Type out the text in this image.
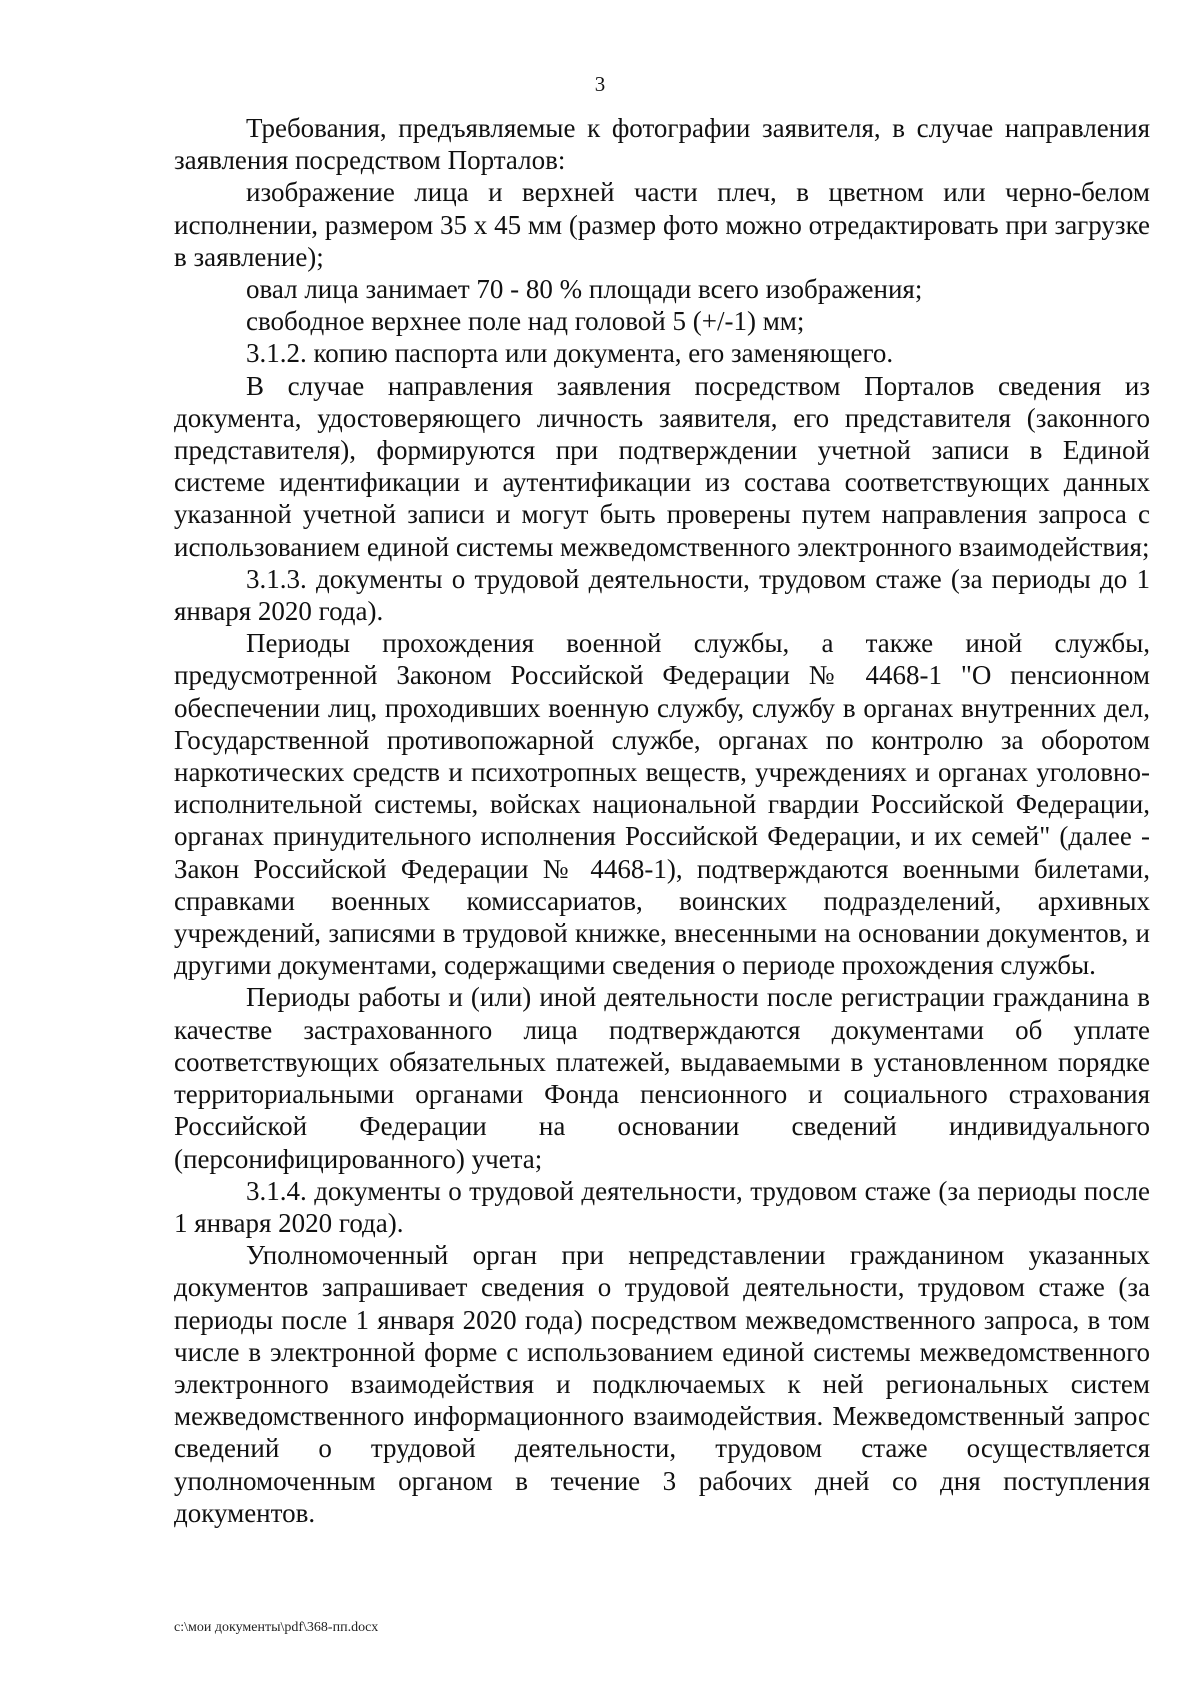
3

Требования, предъявляемые к фотографии заявителя, в случае направления заявления посредством Порталов:

изображение лица и верхней части плеч, в цветном или черно-белом исполнении, размером 35 x 45 мм (размер фото можно отредактировать при загрузке в заявление);

овал лица занимает 70 - 80 % площади всего изображения;

свободное верхнее поле над головой 5 (+/-1) мм;

3.1.2. копию паспорта или документа, его заменяющего.

В случае направления заявления посредством Порталов сведения из документа, удостоверяющего личность заявителя, его представителя (законного представителя), формируются при подтверждении учетной записи в Единой системе идентификации и аутентификации из состава соответствующих данных указанной учетной записи и могут быть проверены путем направления запроса с использованием единой системы межведомственного электронного взаимодействия;

3.1.3. документы о трудовой деятельности, трудовом стаже (за периоды до 1 января 2020 года).

Периоды прохождения военной службы, а также иной службы, предусмотренной Законом Российской Федерации № 4468-1 "О пенсионном обеспечении лиц, проходивших военную службу, службу в органах внутренних дел, Государственной противопожарной службе, органах по контролю за оборотом наркотических средств и психотропных веществ, учреждениях и органах уголовно-исполнительной системы, войсках национальной гвардии Российской Федерации, органах принудительного исполнения Российской Федерации, и их семей" (далее - Закон Российской Федерации № 4468-1), подтверждаются военными билетами, справками военных комиссариатов, воинских подразделений, архивных учреждений, записями в трудовой книжке, внесенными на основании документов, и другими документами, содержащими сведения о периоде прохождения службы.

Периоды работы и (или) иной деятельности после регистрации гражданина в качестве застрахованного лица подтверждаются документами об уплате соответствующих обязательных платежей, выдаваемыми в установленном порядке территориальными органами Фонда пенсионного и социального страхования Российской Федерации на основании сведений индивидуального (персонифицированного) учета;

3.1.4. документы о трудовой деятельности, трудовом стаже (за периоды после 1 января 2020 года).

Уполномоченный орган при непредставлении гражданином указанных документов запрашивает сведения о трудовой деятельности, трудовом стаже (за периоды после 1 января 2020 года) посредством межведомственного запроса, в том числе в электронной форме с использованием единой системы межведомственного электронного взаимодействия и подключаемых к ней региональных систем межведомственного информационного взаимодействия. Межведомственный запрос сведений о трудовой деятельности, трудовом стаже осуществляется уполномоченным органом в течение 3 рабочих дней со дня поступления документов.

c:\мои документы\pdf\368-пп.docx
